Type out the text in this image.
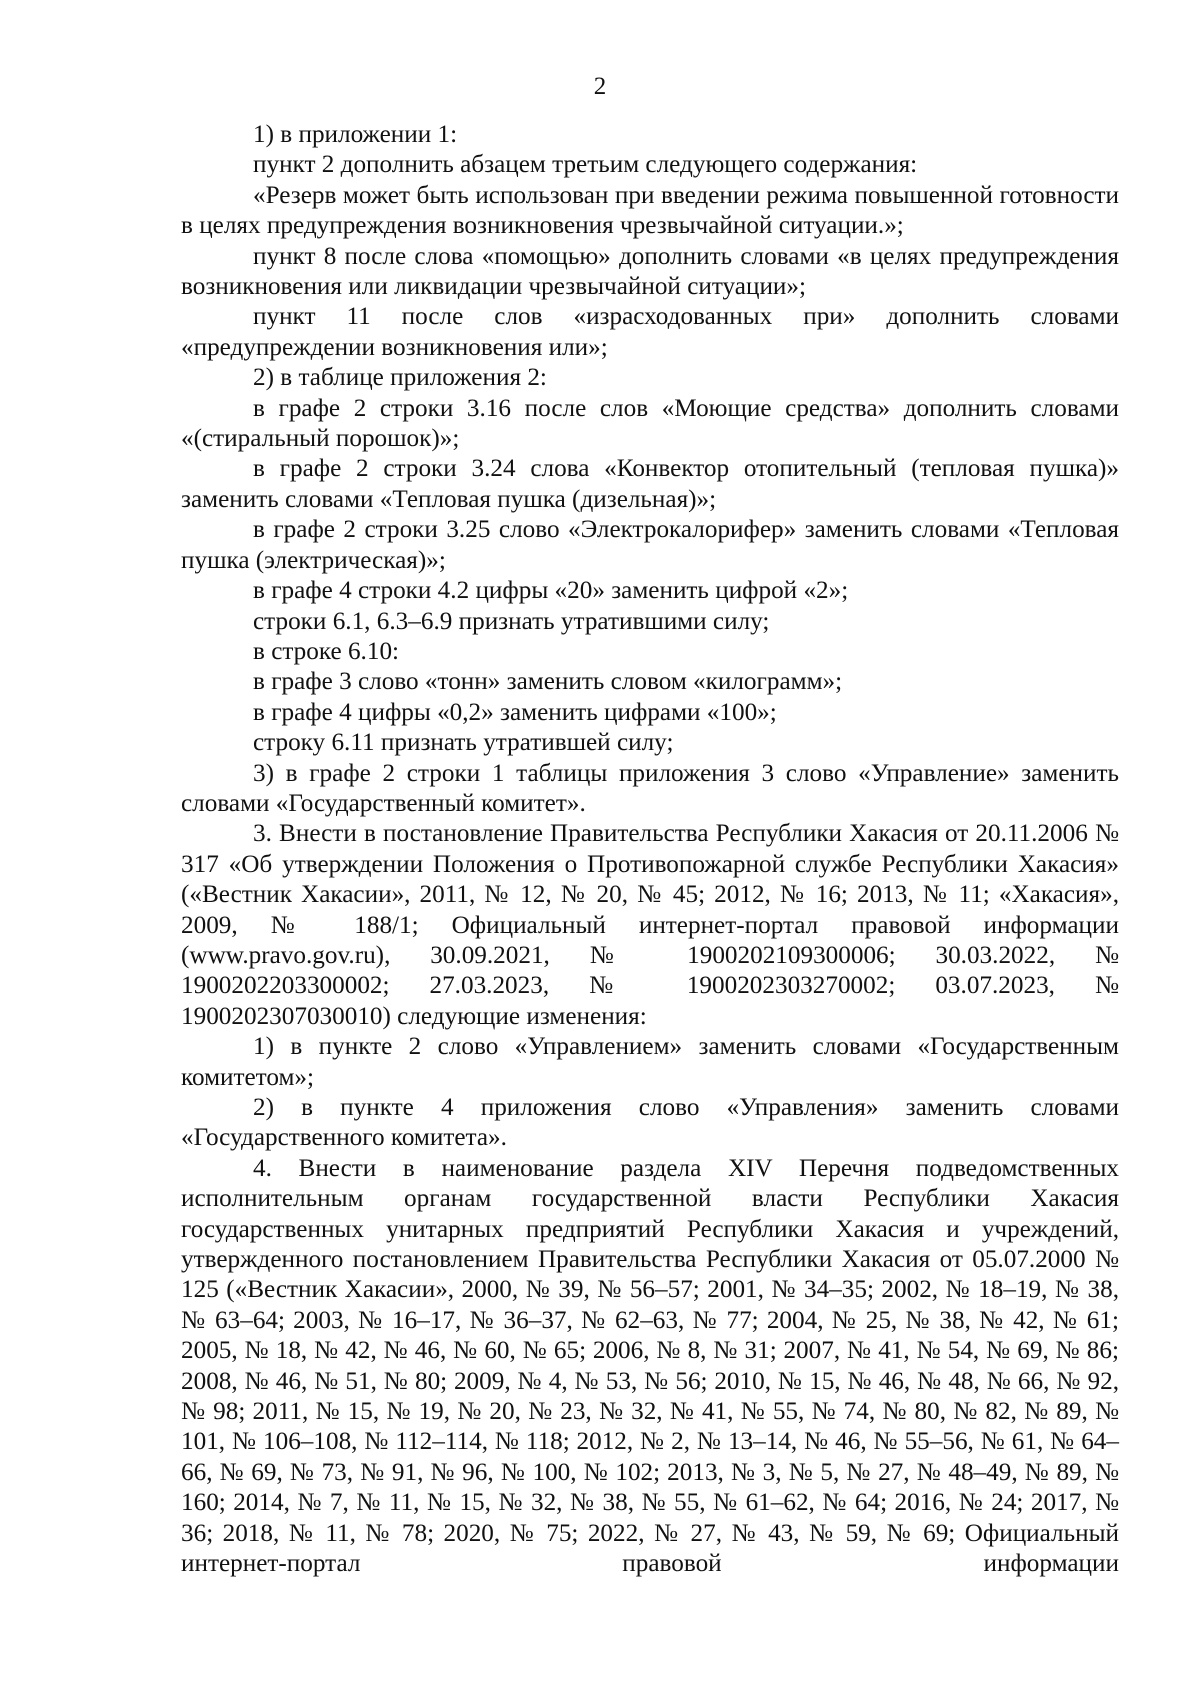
2

1) в приложении 1:

пункт 2 дополнить абзацем третьим следующего содержания:

«Резерв может быть использован при введении режима повышенной готовности в целях предупреждения возникновения чрезвычайной ситуации.»;

пункт 8 после слова «помощью» дополнить словами «в целях предупреждения возникновения или ликвидации чрезвычайной ситуации»;

пункт 11 после слов «израсходованных при» дополнить словами «предупреждении возникновения или»;

2) в таблице приложения 2:

в графе 2 строки 3.16 после слов «Моющие средства» дополнить словами «(стиральный порошок)»;

в графе 2 строки 3.24 слова «Конвектор отопительный (тепловая пушка)» заменить словами «Тепловая пушка (дизельная)»;

в графе 2 строки 3.25 слово «Электрокалорифер» заменить словами «Тепловая пушка (электрическая)»;

в графе 4 строки 4.2 цифры «20» заменить цифрой «2»;

строки 6.1, 6.3–6.9 признать утратившими силу;

в строке 6.10:

в графе 3 слово «тонн» заменить словом «килограмм»;

в графе 4 цифры «0,2» заменить цифрами «100»;

строку 6.11 признать утратившей силу;

3) в графе 2 строки 1 таблицы приложения 3 слово «Управление» заменить словами «Государственный комитет».

3. Внести в постановление Правительства Республики Хакасия от 20.11.2006 № 317 «Об утверждении Положения о Противопожарной службе Республики Хакасия» («Вестник Хакасии», 2011, № 12, № 20, № 45; 2012, № 16; 2013, № 11; «Хакасия», 2009, № 188/1; Официальный интернет-портал правовой информации (www.pravo.gov.ru), 30.09.2021, № 1900202109300006; 30.03.2022, № 1900202203300002; 27.03.2023, № 1900202303270002; 03.07.2023, № 1900202307030010) следующие изменения:

1) в пункте 2 слово «Управлением» заменить словами «Государственным комитетом»;

2) в пункте 4 приложения слово «Управления» заменить словами «Государственного комитета».

4. Внести в наименование раздела XIV Перечня подведомственных исполнительным органам государственной власти Республики Хакасия государственных унитарных предприятий Республики Хакасия и учреждений, утвержденного постановлением Правительства Республики Хакасия от 05.07.2000 № 125 («Вестник Хакасии», 2000, № 39, № 56–57; 2001, № 34–35; 2002, № 18–19, № 38, № 63–64; 2003, № 16–17, № 36–37, № 62–63, № 77; 2004, № 25, № 38, № 42, № 61; 2005, № 18, № 42, № 46, № 60, № 65; 2006, № 8, № 31; 2007, № 41, № 54, № 69, № 86; 2008, № 46, № 51, № 80; 2009, № 4, № 53, № 56; 2010, № 15, № 46, № 48, № 66, № 92, № 98; 2011, № 15, № 19, № 20, № 23, № 32, № 41, № 55, № 74, № 80, № 82, № 89, № 101, № 106–108, № 112–114, № 118; 2012, № 2, № 13–14, № 46, № 55–56, № 61, № 64–66, № 69, № 73, № 91, № 96, № 100, № 102; 2013, № 3, № 5, № 27, № 48–49, № 89, № 160; 2014, № 7, № 11, № 15, № 32, № 38, № 55, № 61–62, № 64; 2016, № 24; 2017, № 36; 2018, № 11, № 78; 2020, № 75; 2022, № 27, № 43, № 59, № 69; Официальный интернет-портал правовой информации
